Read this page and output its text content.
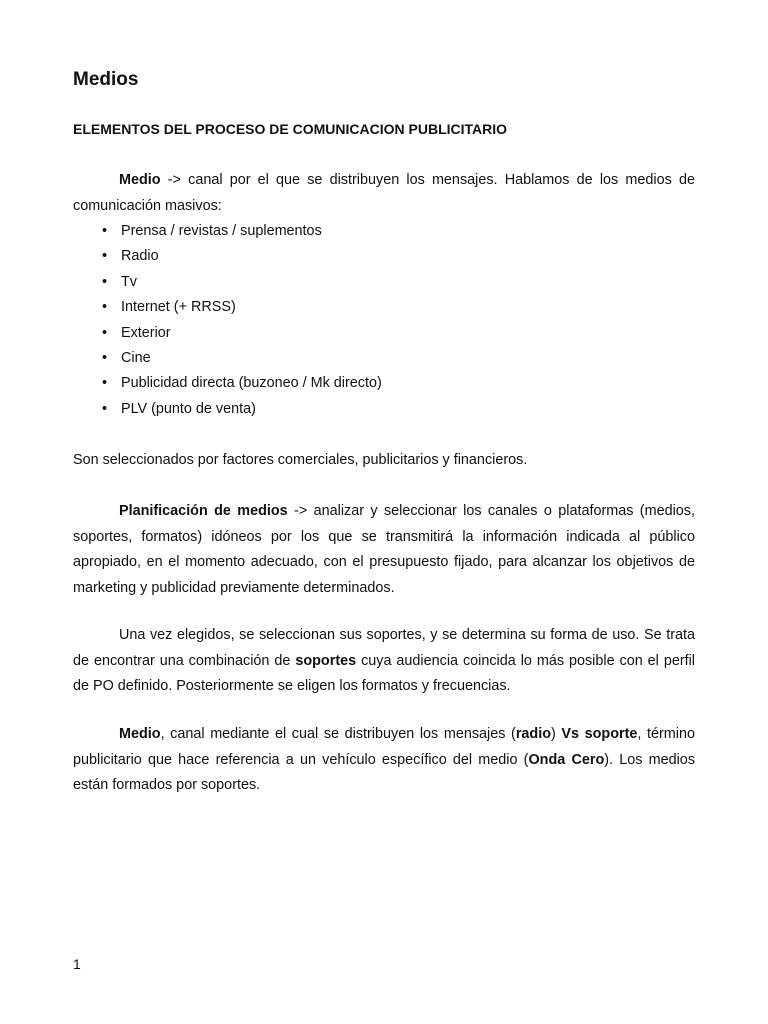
Medios
ELEMENTOS DEL PROCESO DE COMUNICACION PUBLICITARIO

Medio -> canal por el que se distribuyen los mensajes. Hablamos de los medios de comunicación masivos:

• Prensa / revistas / suplementos
• Radio
• Tv
• Internet (+ RRSS)
• Exterior
• Cine
• Publicidad directa (buzoneo / Mk directo)
• PLV (punto de venta)

Son seleccionados por factores comerciales, publicitarios y financieros.

Planificación de medios -> analizar y seleccionar los canales o plataformas (medios, soportes, formatos) idóneos por los que se transmitirá la información indicada al público apropiado, en el momento adecuado, con el presupuesto fijado, para alcanzar los objetivos de marketing y publicidad previamente determinados.

Una vez elegidos, se seleccionan sus soportes, y se determina su forma de uso. Se trata de encontrar una combinación de soportes cuya audiencia coincida lo más posible con el perfil de PO definido. Posteriormente se eligen los formatos y frecuencias.

Medio, canal mediante el cual se distribuyen los mensajes (radio) Vs soporte, término publicitario que hace referencia a un vehículo específico del medio (Onda Cero). Los medios están formados por soportes.

1
